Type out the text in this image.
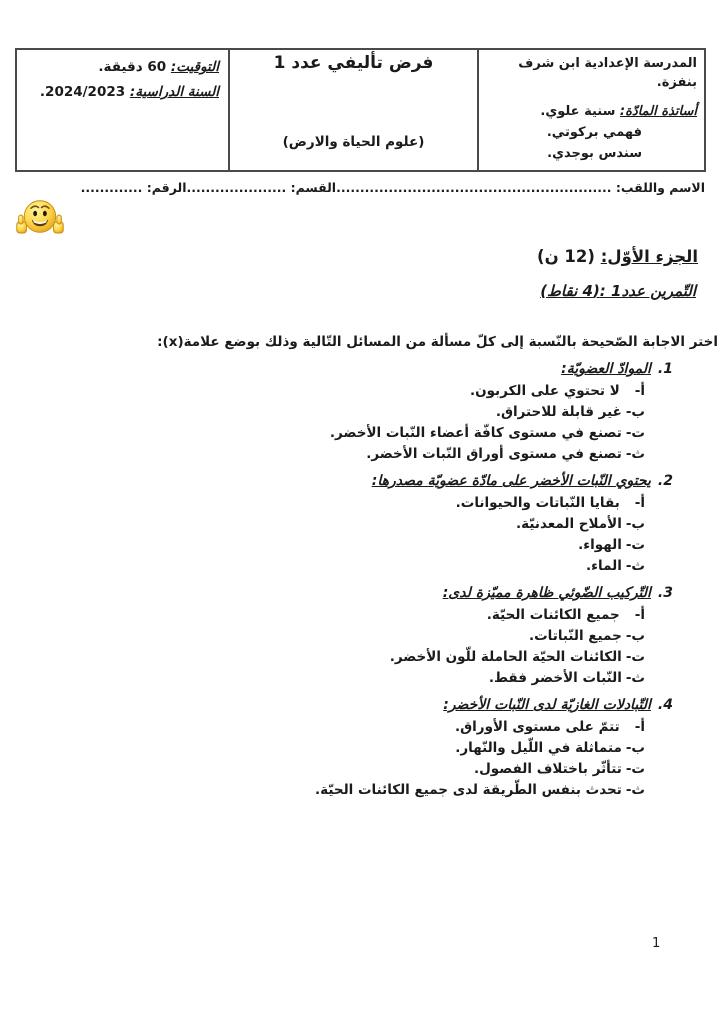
المدرسة الإعدادية ابن شرف بنفزة.
أساتذة المادّة: سنية علوي.
فهمي بركوتي.
سندس بوجدي.
فرض تأليفي عدد 1
(علوم الحياة والارض)
التوقيت: 60 دقيقة.
السنة الدراسية: 2024/2023.
الاسم واللقب: ..........................................................القسم: .....................الرقم: .............
الجزء الأوّل: (12 ن)
التّمرين عدد1 :(4 نقاط)
اختر الاجابة الصّحيحة بالنّسبة إلى كلّ مسألة من المسائل التّالية وذلك بوضع علامة(x):
1.الموادّ العضويّة:
أ-لا تحتوي على الكربون.
ب-غير قابلة للاحتراق.
ت-تصنع في مستوى كافّة أعضاء النّبات الأخضر.
ث-تصنع في مستوى أوراق النّبات الأخضر.
2.يحتوي النّبات الأخضر على مادّة عضويّة مصدرها:
أ-بقايا النّباتات والحيوانات.
ب-الأملاح المعدنيّة.
ت-الهواء.
ث-الماء.
3.التّركيب الضّوئي ظاهرة مميّزة لدى:
أ-جميع الكائنات الحيّة.
ب-جميع النّباتات.
ت-الكائنات الحيّة الحاملة للّون الأخضر.
ث-النّبات الأخضر فقط.
4.التّبادلات الغازيّة لدى النّبات الأخضر:
أ-تتمّ على مستوى الأوراق.
ب-متماثلة في اللّيل والنّهار.
ت-تتأثّر باختلاف الفصول.
ث-تحدث بنفس الطّريقة لدى جميع الكائنات الحيّة.
1
